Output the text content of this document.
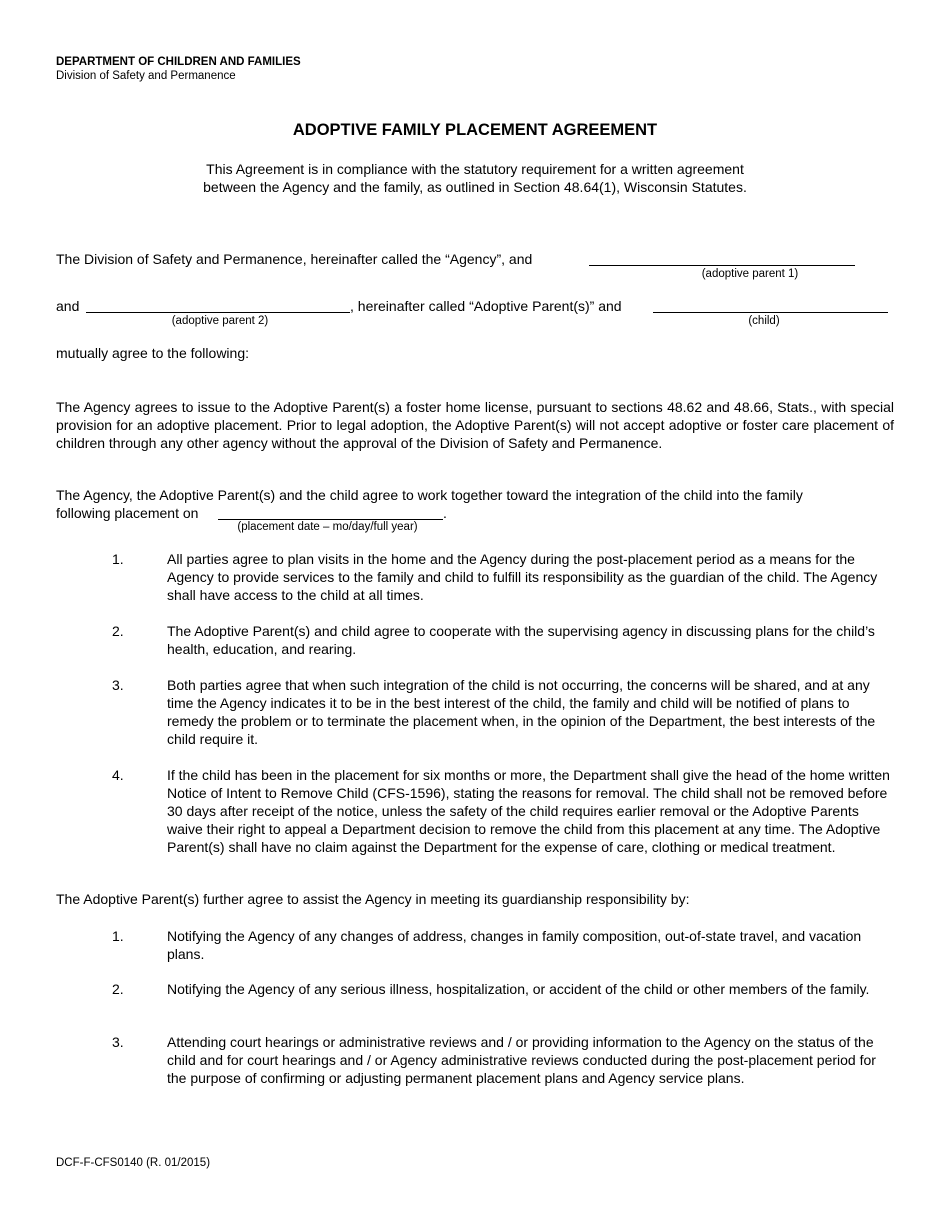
DEPARTMENT OF CHILDREN AND FAMILIES
Division of Safety and Permanence
ADOPTIVE FAMILY PLACEMENT AGREEMENT
This Agreement is in compliance with the statutory requirement for a written agreement
between the Agency and the family, as outlined in Section 48.64(1), Wisconsin Statutes.
The Division of Safety and Permanence, hereinafter called the “Agency”, and
(adoptive parent 1)
and	, hereinafter called “Adoptive Parent(s)” and
(adoptive parent 2)	(child)
mutually agree to the following:
The Agency agrees to issue to the Adoptive Parent(s) a foster home license, pursuant to sections 48.62 and 48.66, Stats., with special provision for an adoptive placement. Prior to legal adoption, the Adoptive Parent(s) will not accept adoptive or foster care placement of children through any other agency without the approval of the Division of Safety and Permanence.
The Agency, the Adoptive Parent(s) and the child agree to work together toward the integration of the child into the family
following placement on	.
(placement date – mo/day/full year)
1.	All parties agree to plan visits in the home and the Agency during the post-placement period as a means for the Agency to provide services to the family and child to fulfill its responsibility as the guardian of the child. The Agency shall have access to the child at all times.
2.	The Adoptive Parent(s) and child agree to cooperate with the supervising agency in discussing plans for the child’s health, education, and rearing.
3.	Both parties agree that when such integration of the child is not occurring, the concerns will be shared, and at any time the Agency indicates it to be in the best interest of the child, the family and child will be notified of plans to remedy the problem or to terminate the placement when, in the opinion of the Department, the best interests of the child require it.
4.	If the child has been in the placement for six months or more, the Department shall give the head of the home written Notice of Intent to Remove Child (CFS-1596), stating the reasons for removal. The child shall not be removed before 30 days after receipt of the notice, unless the safety of the child requires earlier removal or the Adoptive Parents waive their right to appeal a Department decision to remove the child from this placement at any time. The Adoptive Parent(s) shall have no claim against the Department for the expense of care, clothing or medical treatment.
The Adoptive Parent(s) further agree to assist the Agency in meeting its guardianship responsibility by:
1.	Notifying the Agency of any changes of address, changes in family composition, out-of-state travel, and vacation plans.
2.	Notifying the Agency of any serious illness, hospitalization, or accident of the child or other members of the family.
3.	Attending court hearings or administrative reviews and / or providing information to the Agency on the status of the child and for court hearings and / or Agency administrative reviews conducted during the post-placement period for the purpose of confirming or adjusting permanent placement plans and Agency service plans.
DCF-F-CFS0140 (R. 01/2015)
